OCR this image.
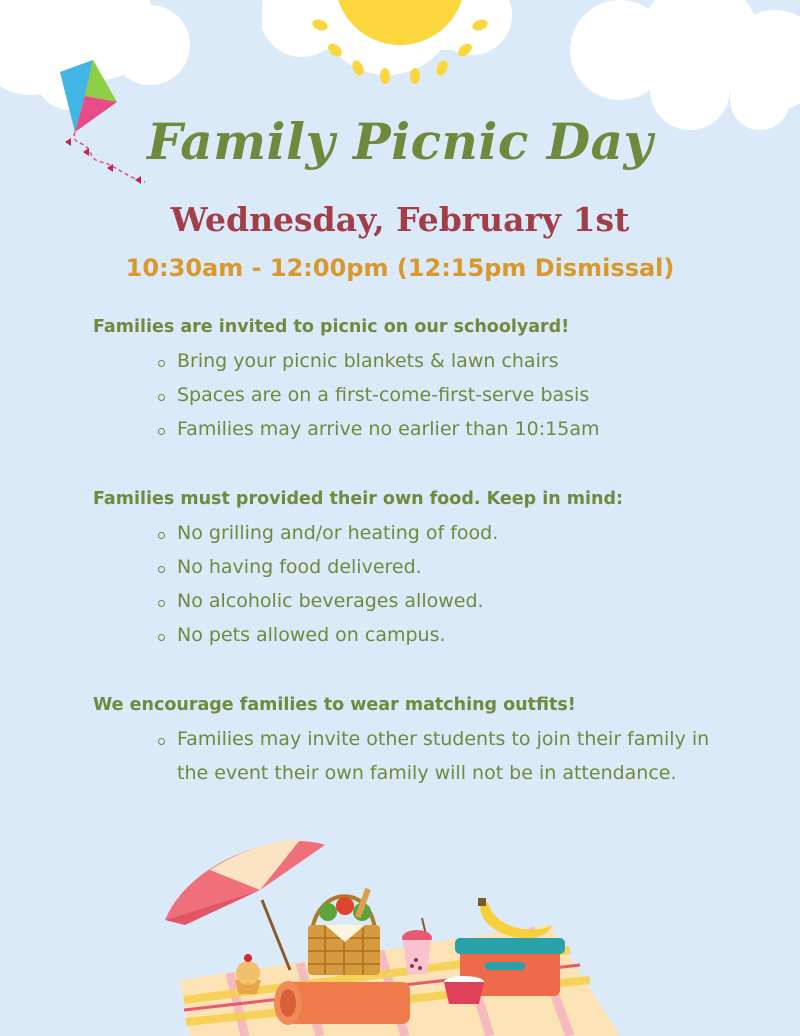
Family Picnic Day
Wednesday, February 1st
10:30am - 12:00pm (12:15pm Dismissal)
Families are invited to picnic on our schoolyard!
Bring your picnic blankets & lawn chairs
Spaces are on a first-come-first-serve basis
Families may arrive no earlier than 10:15am
Families must provided their own food. Keep in mind:
No grilling and/or heating of food.
No having food delivered.
No alcoholic beverages allowed.
No pets allowed on campus.
We encourage families to wear matching outfits!
Families may invite other students to join their family in the event their own family will not be in attendance.
